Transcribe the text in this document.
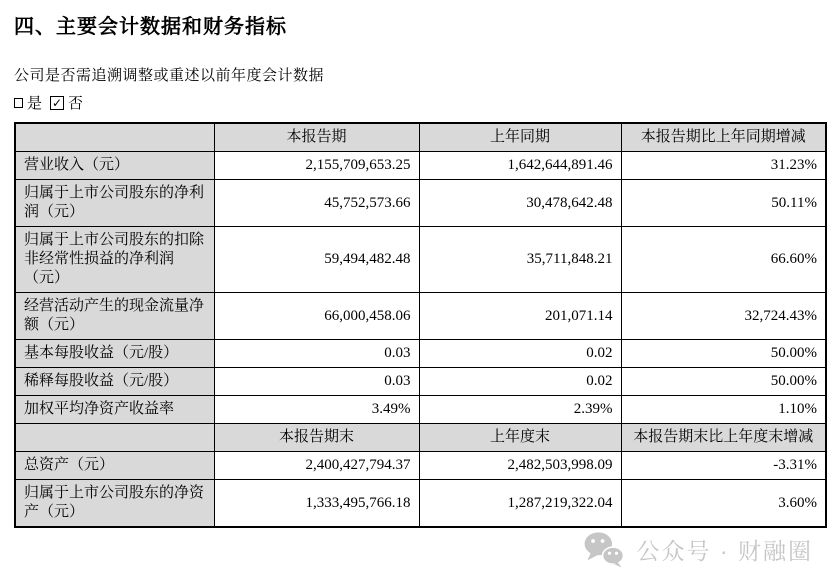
四、主要会计数据和财务指标
公司是否需追溯调整或重述以前年度会计数据
是 ✓ 否
	本报告期	上年同期	本报告期比上年同期增减
营业收入（元）	2,155,709,653.25	1,642,644,891.46	31.23%
归属于上市公司股东的净利润（元）	45,752,573.66	30,478,642.48	50.11%
归属于上市公司股东的扣除非经常性损益的净利润（元）	59,494,482.48	35,711,848.21	66.60%
经营活动产生的现金流量净额（元）	66,000,458.06	201,071.14	32,724.43%
基本每股收益（元/股）	0.03	0.02	50.00%
稀释每股收益（元/股）	0.03	0.02	50.00%
加权平均净资产收益率	3.49%	2.39%	1.10%
	本报告期末	上年度末	本报告期末比上年度末增减
总资产（元）	2,400,427,794.37	2,482,503,998.09	-3.31%
归属于上市公司股东的净资产（元）	1,333,495,766.18	1,287,219,322.04	3.60%
公众号 · 财融圈
